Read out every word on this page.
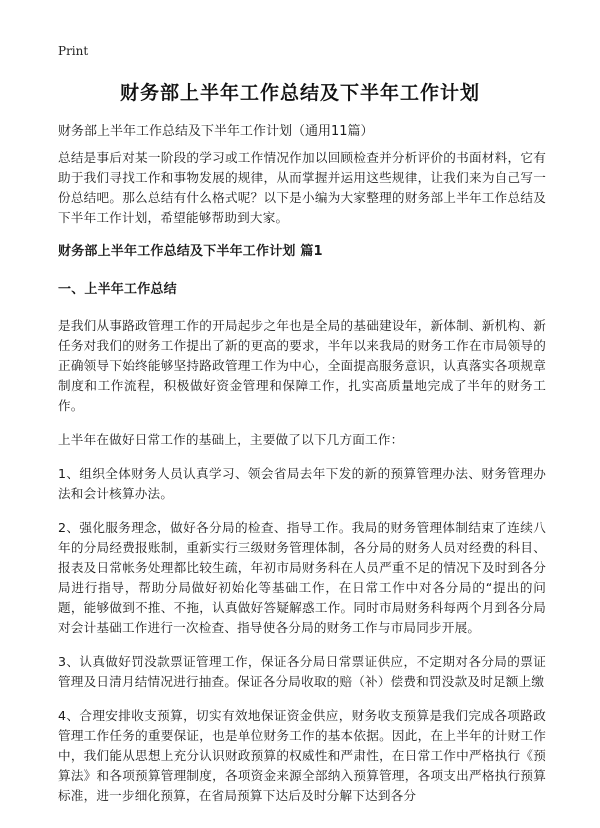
Print
财务部上半年工作总结及下半年工作计划
财务部上半年工作总结及下半年工作计划（通用11篇）

总结是事后对某一阶段的学习或工作情况作加以回顾检查并分析评价的书面材料，它有助于我们寻找工作和事物发展的规律，从而掌握并运用这些规律，让我们来为自己写一份总结吧。那么总结有什么格式呢？以下是小编为大家整理的财务部上半年工作总结及下半年工作计划，希望能够帮助到大家。

财务部上半年工作总结及下半年工作计划 篇1
一、上半年工作总结

是我们从事路政管理工作的开局起步之年也是全局的基础建设年，新体制、新机构、新任务对我们的财务工作提出了新的更高的要求，半年以来我局的财务工作在市局领导的正确领导下始终能够坚持路政管理工作为中心，全面提高服务意识，认真落实各项规章制度和工作流程，积极做好资金管理和保障工作，扎实高质量地完成了半年的财务工作。

上半年在做好日常工作的基础上，主要做了以下几方面工作：

1、组织全体财务人员认真学习、领会省局去年下发的新的预算管理办法、财务管理办法和会计核算办法。

2、强化服务理念，做好各分局的检查、指导工作。我局的财务管理体制结束了连续八年的分局经费报账制，重新实行三级财务管理体制，各分局的财务人员对经费的科目、报表及日常帐务处理都比较生疏，年初市局财务科在人员严重不足的情况下及时到各分局进行指导，帮助分局做好初始化等基础工作，在日常工作中对各分局的“提出的问题，能够做到不推、不拖，认真做好答疑解惑工作。同时市局财务科每两个月到各分局对会计基础工作进行一次检查、指导使各分局的财务工作与市局同步开展。

3、认真做好罚没款票证管理工作，保证各分局日常票证供应，不定期对各分局的票证管理及日清月结情况进行抽查。保证各分局收取的赔（补）偿费和罚没款及时足额上缴

4、合理安排收支预算，切实有效地保证资金供应，财务收支预算是我们完成各项路政管理工作任务的重要保证，也是单位财务工作的基本依据。因此，在上半年的计财工作中，我们能从思想上充分认识财政预算的权威性和严肃性，在日常工作中严格执行《预算法》和各项预算管理制度，各项资金来源全部纳入预算管理，各项支出严格执行预算标准，进一步细化预算，在省局预算下达后及时分解下达到各分
